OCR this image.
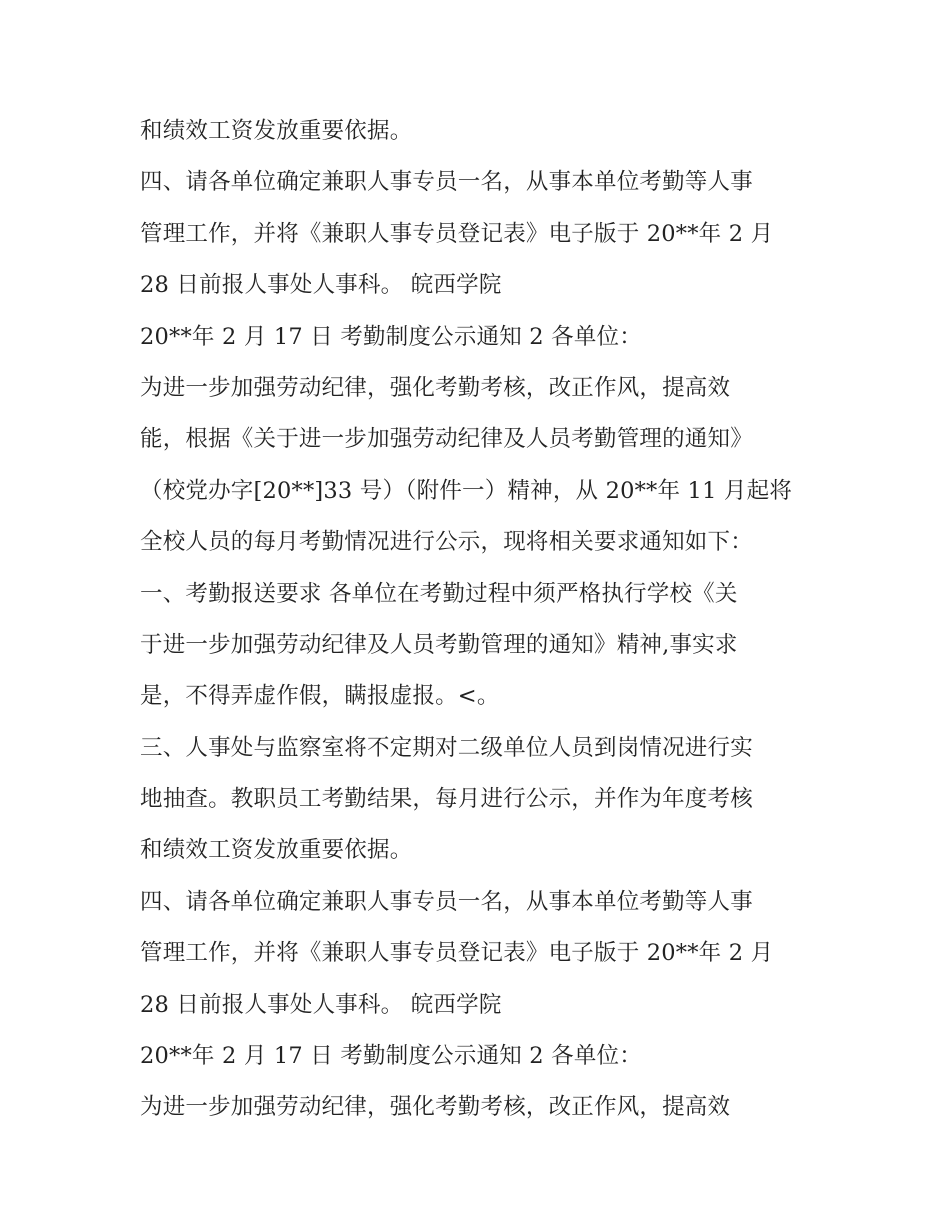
和绩效工资发放重要依据。
四、请各单位确定兼职人事专员一名，从事本单位考勤等人事
管理工作，并将《兼职人事专员登记表》电子版于 20**年 2 月
28 日前报人事处人事科。 皖西学院
20**年 2 月 17 日 考勤制度公示通知 2 各单位：
为进一步加强劳动纪律，强化考勤考核，改正作风，提高效
能，根据《关于进一步加强劳动纪律及人员考勤管理的通知》
（校党办字[20**]33 号）（附件一）精神，从 20**年 11 月起将
全校人员的每月考勤情况进行公示，现将相关要求通知如下：
一、考勤报送要求 各单位在考勤过程中须严格执行学校《关
于进一步加强劳动纪律及人员考勤管理的通知》精神,事实求
是，不得弄虚作假，瞒报虚报。<。
三、人事处与监察室将不定期对二级单位人员到岗情况进行实
地抽查。教职员工考勤结果，每月进行公示，并作为年度考核
和绩效工资发放重要依据。
四、请各单位确定兼职人事专员一名，从事本单位考勤等人事
管理工作，并将《兼职人事专员登记表》电子版于 20**年 2 月
28 日前报人事处人事科。 皖西学院
20**年 2 月 17 日 考勤制度公示通知 2 各单位：
为进一步加强劳动纪律，强化考勤考核，改正作风，提高效
